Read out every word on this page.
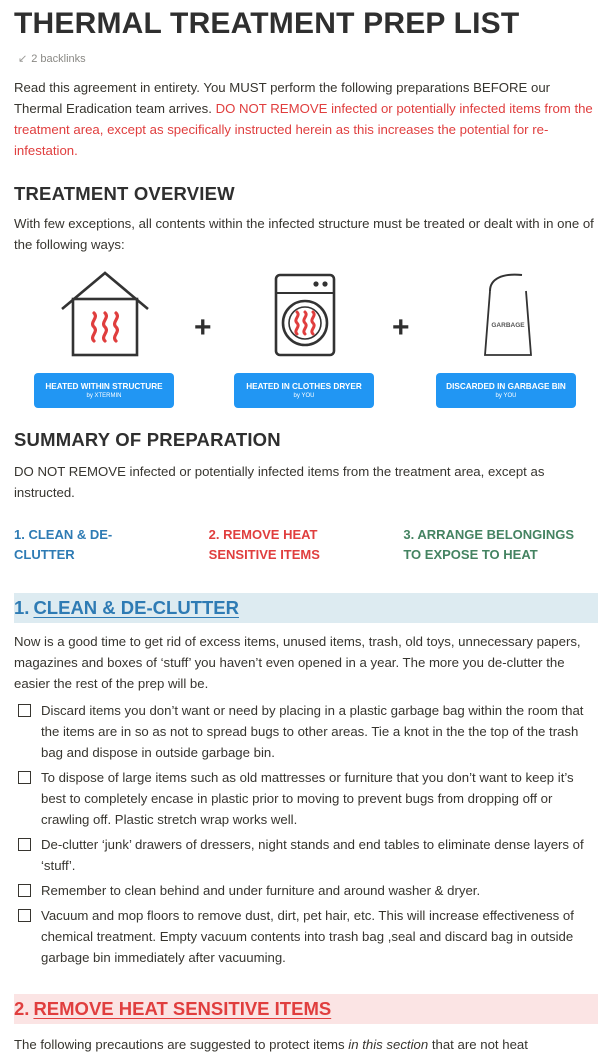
THERMAL TREATMENT PREP LIST
↙ 2 backlinks

Read this agreement in entirety. You MUST perform the following preparations BEFORE our Thermal Eradication team arrives. DO NOT REMOVE infected or potentially infected items from the treatment area, except as specifically instructed herein as this increases the potential for re-infestation.

TREATMENT OVERVIEW

With few exceptions, all contents within the infected structure must be treated or dealt with in one of the following ways:

+	+	GARBAGE
HEATED WITHIN STRUCTURE
by XTERMIN
HEATED IN CLOTHES DRYER
by YOU
DISCARDED IN GARBAGE BIN
by YOU
SUMMARY OF PREPARATION

DO NOT REMOVE infected or potentially infected items from the treatment area, except as instructed.

1. CLEAN & DE-
CLUTTER
2. REMOVE HEAT
SENSITIVE ITEMS
3. ARRANGE BELONGINGS
TO EXPOSE TO HEAT
1. CLEAN & DE-CLUTTER

Now is a good time to get rid of excess items, unused items, trash, old toys, unnecessary papers, magazines and boxes of ‘stuff’ you haven’t even opened in a year. The more you de-clutter the easier the rest of the prep will be.

Discard items you don’t want or need by placing in a plastic garbage bag within the room that the items are in so as not to spread bugs to other areas. Tie a knot in the the top of the trash bag and dispose in outside garbage bin.
To dispose of large items such as old mattresses or furniture that you don’t want to keep it’s best to completely encase in plastic prior to moving to prevent bugs from dropping off or crawling off. Plastic stretch wrap works well.
De-clutter ‘junk’ drawers of dressers, night stands and end tables to eliminate dense layers of ‘stuff’.
Remember to clean behind and under furniture and around washer & dryer.
Vacuum and mop floors to remove dust, dirt, pet hair, etc. This will increase effectiveness of chemical treatment. Empty vacuum contents into trash bag ,seal and discard bag in outside garbage bin immediately after vacuuming.
2. REMOVE HEAT SENSITIVE ITEMS

The following precautions are suggested to protect items in this section that are not heat
